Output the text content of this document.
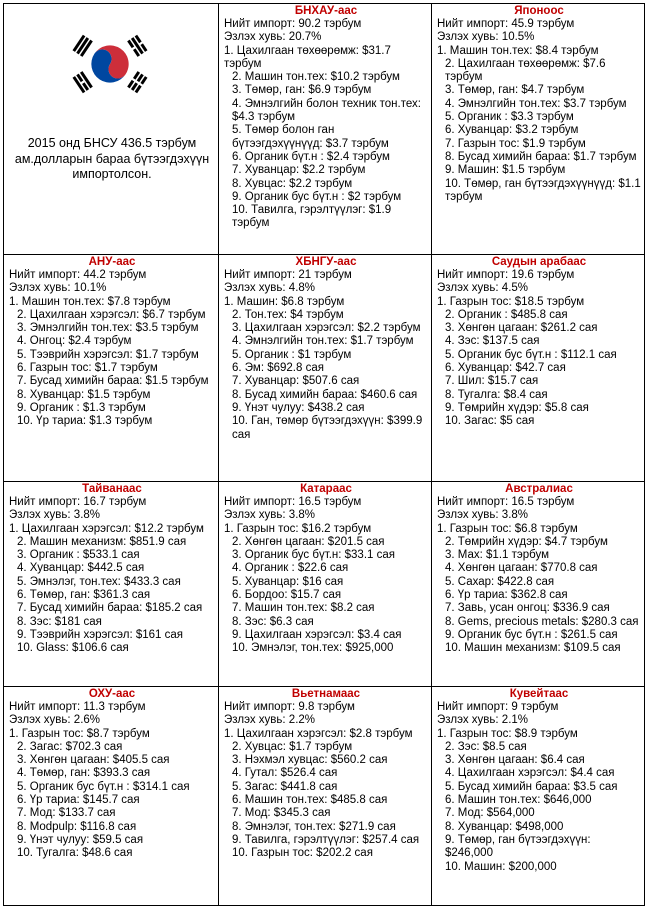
2015 онд БНСУ 436.5 тэрбум ам.долларын бараа бүтээгдэхүүн импортолсон.
БНХАУ-аас
Нийт импорт: 90.2 тэрбум
Эзлэх хувь: 20.7%
1. Цахилгаан төхөөрөмж: $31.7 тэрбум
2. Машин тон.тех: $10.2 тэрбум
3. Төмөр, ган: $6.9 тэрбум
4. Эмнэлгийн болон техник тон.тех: $4.3 тэрбум
5. Төмөр болон ган бүтээгдэхүүнүүд: $3.7 тэрбум
6. Органик бүт.н : $2.4 тэрбум
7. Хуванцар: $2.2 тэрбум
8. Хувцас: $2.2 тэрбум
9. Органик бус бүт.н : $2 тэрбум
10. Тавилга, гэрэлтүүлэг: $1.9 тэрбум
Японоос
Нийт импорт: 45.9 тэрбум
Эзлэх хувь: 10.5%
1. Машин тон.тех: $8.4 тэрбум
2. Цахилгаан төхөөрөмж: $7.6 тэрбум
3. Төмөр, ган: $4.7 тэрбум
4. Эмнэлгийн тон.тех: $3.7 тэрбум
5. Органик : $3.3 тэрбум
6. Хуванцар: $3.2 тэрбум
7. Газрын тос: $1.9 тэрбум
8. Бусад химийн бараа: $1.7 тэрбум
9. Машин: $1.5 тэрбум
10. Төмөр, ган бүтээгдэхүүнүүд: $1.1 тэрбум
АНУ-аас
Нийт импорт: 44.2 тэрбум
Эзлэх хувь: 10.1%
1. Машин тон.тех: $7.8 тэрбум
2. Цахилгаан хэрэгсэл: $6.7 тэрбум
3. Эмнэлгийн тон.тех: $3.5 тэрбум
4. Онгоц: $2.4 тэрбум
5. Тээврийн хэрэгсэл: $1.7 тэрбум
6. Газрын тос: $1.7 тэрбум
7. Бусад химийн бараа: $1.5 тэрбум
8. Хуванцар: $1.5 тэрбум
9. Органик : $1.3 тэрбум
10. Үр тариа: $1.3 тэрбум
ХБНГУ-аас
Нийт импорт: 21 тэрбум
Эзлэх хувь: 4.8%
1. Машин: $6.8 тэрбум
2. Тон.тех: $4 тэрбум
3. Цахилгаан хэрэгсэл: $2.2 тэрбум
4. Эмнэлгийн тон.тех: $1.7 тэрбум
5. Органик : $1 тэрбум
6. Эм: $692.8 сая
7. Хуванцар: $507.6 сая
8. Бусад химийн бараа: $460.6 сая
9. Үнэт чулуу: $438.2 сая
10. Ган, төмөр бүтээгдэхүүн: $399.9 сая
Саудын арабаас
Нийт импорт: 19.6 тэрбум
Эзлэх хувь: 4.5%
1. Газрын тос: $18.5 тэрбум
2. Органик : $485.8 сая
3. Хөнгөн цагаан: $261.2 сая
4. Зэс: $137.5 сая
5. Органик бус бүт.н : $112.1 сая
6. Хуванцар: $42.7 сая
7. Шил: $15.7 сая
8. Тугалга: $8.4 сая
9. Төмрийн хүдэр: $5.8 сая
10. Загас: $5 сая
Тайванаас
Нийт импорт: 16.7 тэрбум
Эзлэх хувь: 3.8%
1. Цахилгаан хэрэгсэл: $12.2 тэрбум
2. Машин механизм: $851.9 сая
3. Органик : $533.1 сая
4. Хуванцар: $442.5 сая
5. Эмнэлэг, тон.тех: $433.3 сая
6. Төмөр, ган: $361.3 сая
7. Бусад химийн бараа: $185.2 сая
8. Зэс: $181 сая
9. Тээврийн хэрэгсэл: $161 сая
10. Glass: $106.6 сая
Катараас
Нийт импорт: 16.5 тэрбум
Эзлэх хувь: 3.8%
1. Газрын тос: $16.2 тэрбум
2. Хөнгөн цагаан: $201.5 сая
3. Органик бус бүт.н: $33.1 сая
4. Органик : $22.6 сая
5. Хуванцар: $16 сая
6. Бордоо: $15.7 сая
7. Машин тон.тех: $8.2 сая
8. Зэс: $6.3 сая
9. Цахилгаан хэрэгсэл: $3.4 сая
10. Эмнэлэг, тон.тех: $925,000
Австралиас
Нийт импорт: 16.5 тэрбум
Эзлэх хувь: 3.8%
1. Газрын тос: $6.8 тэрбум
2. Төмрийн хүдэр: $4.7 тэрбум
3. Мах: $1.1 тэрбум
4. Хөнгөн цагаан: $770.8 сая
5. Сахар: $422.8 сая
6. Үр тариа: $362.8 сая
7. Завь, усан онгоц: $336.9 сая
8. Gems, precious metals: $280.3 сая
9. Органик бус бүт.н : $261.5 сая
10. Машин механизм: $109.5 сая
ОХУ-аас
Нийт импорт: 11.3 тэрбум
Эзлэх хувь: 2.6%
1. Газрын тос: $8.7 тэрбум
2. Загас: $702.3 сая
3. Хөнгөн цагаан: $405.5 сая
4. Төмөр, ган: $393.3 сая
5. Органик бус бүт.н : $314.1 сая
6. Үр тариа: $145.7 сая
7. Мод: $133.7 сая
8. Modpulp: $116.8 сая
9. Үнэт чулуу: $59.5 сая
10. Тугалга: $48.6 сая
Вьетнамаас
Нийт импорт: 9.8 тэрбум
Эзлэх хувь: 2.2%
1. Цахилгаан хэрэгсэл: $2.8 тэрбум
2. Хувцас: $1.7 тэрбум
3. Нэхмэл хувцас: $560.2 сая
4. Гутал: $526.4 сая
5. Загас: $441.8 сая
6. Машин тон.тех: $485.8 сая
7. Мод: $345.3 сая
8. Эмнэлэг, тон.тех: $271.9 сая
9. Тавилга, гэрэлтүүлэг: $257.4 сая
10. Газрын тос: $202.2 сая
Кувейтаас
Нийт импорт: 9 тэрбум
Эзлэх хувь: 2.1%
1. Газрын тос: $8.9 тэрбум
2. Зэс: $8.5 сая
3. Хөнгөн цагаан: $6.4 сая
4. Цахилгаан хэрэгсэл: $4.4 сая
5. Бусад химийн бараа: $3.5 сая
6. Машин тон.тех: $646,000
7. Мод: $564,000
8. Хуванцар: $498,000
9. Төмөр, ган бүтээгдэхүүн: $246,000
10. Машин: $200,000
